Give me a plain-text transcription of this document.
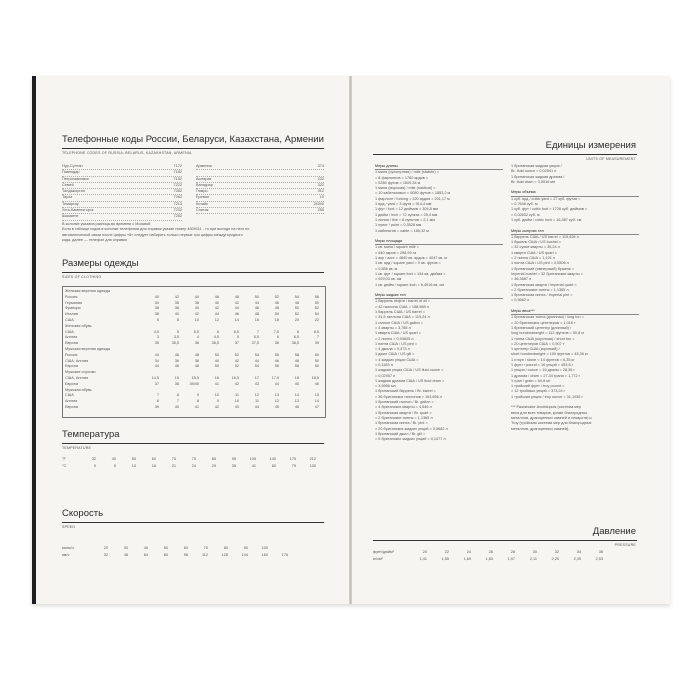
Телефонные коды России, Беларуси, Казахстана, Армении
TELEPHONE CODES OF RUSSIA, BELARUS, KAZAKHSTAN, ARMENIA
Нур-Султан	7172
Павлодар	7182
Петропавловск	7152
Семей	7222
Талдыкорган	7282
Тараз	7262
Темиртау	7213
Усть-Каменогорск	7232
Шымкент	7252
Армения	374
Аштарак	232
Ванадзор	322
Гюмри	312
Ереван	10
Котайк	24300
Спитак	255
В колонке указана разница во времени с Москвой
Если в таблице кодов в колонке телефонов для справок указан номер 4809111 - то при выходе на него по
автоматической связи после цифры «8» следует набирать только первые три цифры междугородного
кода, далее — телефон для справки
Размеры одежды
SIZES OF CLOTHING
Женская верхняя одежда
Россия	40	42	44	46	48	50	52	54	56
Германия	34	36	38	40	42	44	46	48	50
Франция	36	38	40	42	44	46	48	50	52
Италия	38	40	42	44	46	48	50	52	54
США	6	8	10	12	14	16	18	20	22
Женская обувь
США	4,5	5	5,5	6	6,5	7	7,5	8	8,5
Англия	3	3,5	4	4,5	5	5,5	6	6,5	7
Европа	35	35,5	36	36,5	37	37,5	38	38,5	39
Мужская верхняя одежда
Россия	44	46	48	50	52	54	56	58	60
США, Англия	34	36	38	40	42	44	46	48	50
Европа	44	46	48	50	52	54	56	58	60
Мужские сорочки
США, Англия	14,5	15	15,5	16	16,5	17	17,5	18	18,5
Европа	37	38	39/40	41	42	43	44	45	46
Мужская обувь
США	7	8	9	10	11	12	13	14	15
Англия	6	7	8	9	10	11	12	13	14
Европа	39	40	41	42	43	44	45	46	47
Температура
TEMPERATURE
°F	32	40	50	60	70	75	85	95	105	140	175	212
°C	0	5	10	16	21	24	29	35	41	60	79	100
Скорость
SPEED
миль/ч	20	30	40	50	60	70	80	90	100
км/ч	32	48	64	80	96	112	128	144	160	176
Единицы измерения
UNITS OF MEASUREMENT
Меры длины
1 миля (сухопутная) / mile (statute) =
= 8 фарлонгов = 1760 ярдов =
= 5280 футов = 1609,34 м
1 миля (морская) / mile (nautical) =
= 10 кабельтовых = 6080 футов = 1853,2 м
1 фарлонг / furlong = 220 ярдов = 201,17 м
1 ярд / yard = 3 фута = 914,4 мм
1 фут / foot = 12 дюймов = 304,8 мм
1 дюйм / inch = 72 пункта = 25,4 мм
1 линия / line = 6 пунктов = 2,1 мм
1 пункт / point = 0,3528 мм
1 кабельтов = сable = 185,32 м
Меры площади
1 кв. миля / square mile =
= 640 акров = 258,99 га
1 акр / acre = 4840 кв. ярдов = 4047 кв. м
1 кв. ярд / square yard = 9 кв. футов =
= 0,836 кв. м
1 кв. фут / square foot = 144 кв. дюйма =
= 929,03 кв. см
1 кв. дюйм / square inch = 6,4516 кв. см
Меры жидких тел
1 баррель нефти / barrel of oil =
= 42 галлона США = 158,988 л
1 баррель США / US barrel =
= 31,5 галлона США = 119,24 л
1 галлон США / US gallon =
= 4 кварты = 3,785 л
1 кварта США / US quart =
= 2 пинты = 0,94605 л
1 пинта США / US pint =
= 4 джила = 0,473 л
1 джил США / US gill =
= 4 жидких унции США =
= 0,1183 л
1 жидкая унция США / US fluid ounce =
= 0,02957 л
1 жидкая драхма США / US fluid dram =
= 3,6966 мл
1 британский баррель / Br. barrel =
= 36 британских галлонов = 163,656 л
1 британский галлон / Br. gallon =
= 4 британских кварты = 4,546 л
1 британская кварта / Br. quart =
= 2 британские пинты = 1,1365 л
1 британская пинта / Br. pint =
= 20 британских жидких унций = 0,5682 л
1 британский джил / Br. gill =
= 5 британских жидких унций = 0,1477 л
1 британская жидкая унция /
Br. fluid ounce = 0,02841 л
1 британская жидкая драхма /
Br. fluid dram = 3,5516 мл
Меры объема
1 куб. ярд / cubic yard = 27 куб. футов =
= 0,7646 куб. м
1 куб. фут / cubic foot = 1728 куб. дюймов =
= 0,02832 куб. м
1 куб. дюйм / cubic inch = 16,387 куб. см
Меры сыпучих тел
1 баррель США / US barrel = 115,628 л
1 бушель США / US bushel =
= 32 сухие кварты = 35,24 л
1 кварта США / US quart =
= 2 пинты США = 1,101 л
1 пинта США / US pint = 0,5506 л
1 британский (имперский) бушель =
Imperial bushel = 32 британские кварты =
= 36,3687 л
1 британская кварта / Imperial quart =
= 2 британские пинты = 1,1365 л
1 британская пинта / Imperial pint =
= 0,5682 л
Меры веса***
1 британская тонна (длинная) / long ton =
= 20 британских центнеров = 1,016 т
1 британский центнер (длинный) /
long hundredweight = 112 фунтов = 50,8 кг
1 тонна США (короткая) / short ton =
= 20 центнеров США = 0,907 т
1 центнер США (короткий) /
short hundredweight = 100 фунтов = 45,36 кг
1 стоун / stone = 14 фунтов = 6,35 кг
1 фунт / pound = 16 унций = 453,6 г
1 унция / ounce = 16 драхм = 28,35 г
1 драхма / dram = 27,34 грана = 1,772 г
1 гран / grain = 64,8 мг
1 тройский фунт / troy pound =
= 12 тройских унций = 373,24 г
1 тройская унция / troy ounce = 31,1035 г
*** Различают Avoirdupois (система мер
веса для всех товаров, кроме благородных
металлов, драгоценных камней и лекарств) и
Troy (тройская система мер для благородных
металлов, драгоценных камней).
Давление
PRESSURE
фунт/дюйм²	20	22	24	26	28	30	32	34	36
кг/см²	1,41	1,55	1,69	1,83	1,97	2,11	2,25	2,39	2,53
